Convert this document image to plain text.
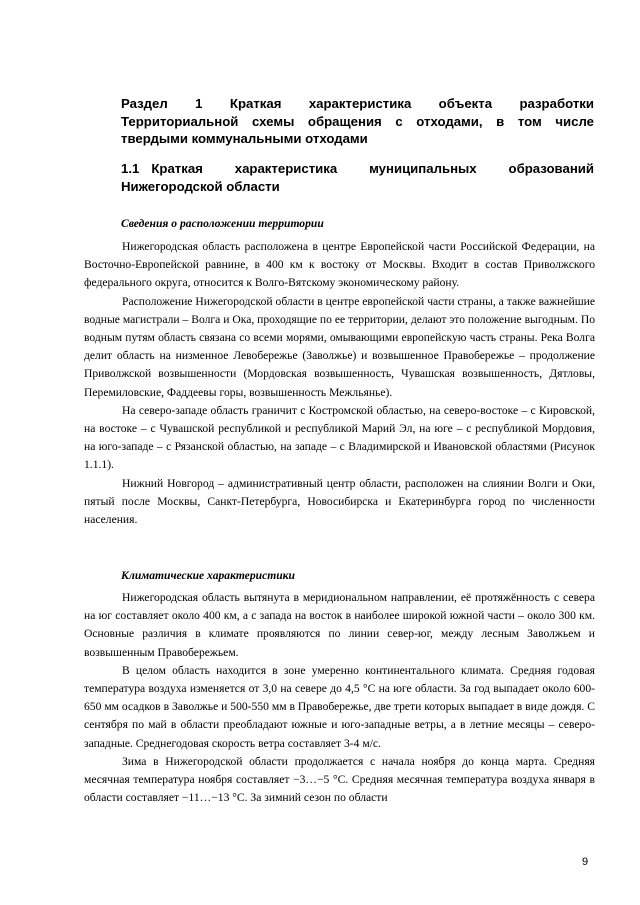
Раздел 1 Краткая характеристика объекта разработки Территориальной схемы обращения с отходами, в том числе твердыми коммунальными отходами
1.1 Краткая характеристика муниципальных образований Нижегородской области
Сведения о расположении территории

Нижегородская область расположена в центре Европейской части Российской Федерации, на Восточно-Европейской равнине, в 400 км к востоку от Москвы. Входит в состав Приволжского федерального округа, относится к Волго-Вятскому экономическому району.

Расположение Нижегородской области в центре европейской части страны, а также важнейшие водные магистрали – Волга и Ока, проходящие по ее территории, делают это положение выгодным. По водным путям область связана со всеми морями, омывающими европейскую часть страны. Река Волга делит область на низменное Левобережье (Заволжье) и возвышенное Правобережье – продолжение Приволжской возвышенности (Мордовская возвышенность, Чувашская возвышенность, Дятловы, Перемиловские, Фаддеевы горы, возвышенность Межльянье).

На северо-западе область граничит с Костромской областью, на северо-востоке – с Кировской, на востоке – с Чувашской республикой и республикой Марий Эл, на юге – с республикой Мордовия, на юго-западе – с Рязанской областью, на западе – с Владимирской и Ивановской областями (Рисунок 1.1.1).

Нижний Новгород – административный центр области, расположен на слиянии Волги и Оки, пятый после Москвы, Санкт-Петербурга, Новосибирска и Екатеринбурга город по численности населения.

Климатические характеристики

Нижегородская область вытянута в меридиональном направлении, её протяжённость с севера на юг составляет около 400 км, а с запада на восток в наиболее широкой южной части – около 300 км. Основные различия в климате проявляются по линии север-юг, между лесным Заволжьем и возвышенным Правобережьем.

В целом область находится в зоне умеренно континентального климата. Средняя годовая температура воздуха изменяется от 3,0 на севере до 4,5 °С на юге области. За год выпадает около 600-650 мм осадков в Заволжье и 500-550 мм в Правобережье, две трети которых выпадает в виде дождя. С сентября по май в области преобладают южные и юго-западные ветры, а в летние месяцы – северо-западные. Среднегодовая скорость ветра составляет 3-4 м/с.

Зима в Нижегородской области продолжается с начала ноября до конца марта. Средняя месячная температура ноября составляет −3…−5 °С. Средняя месячная температура воздуха января в области составляет −11…−13 °С. За зимний сезон по области

9
